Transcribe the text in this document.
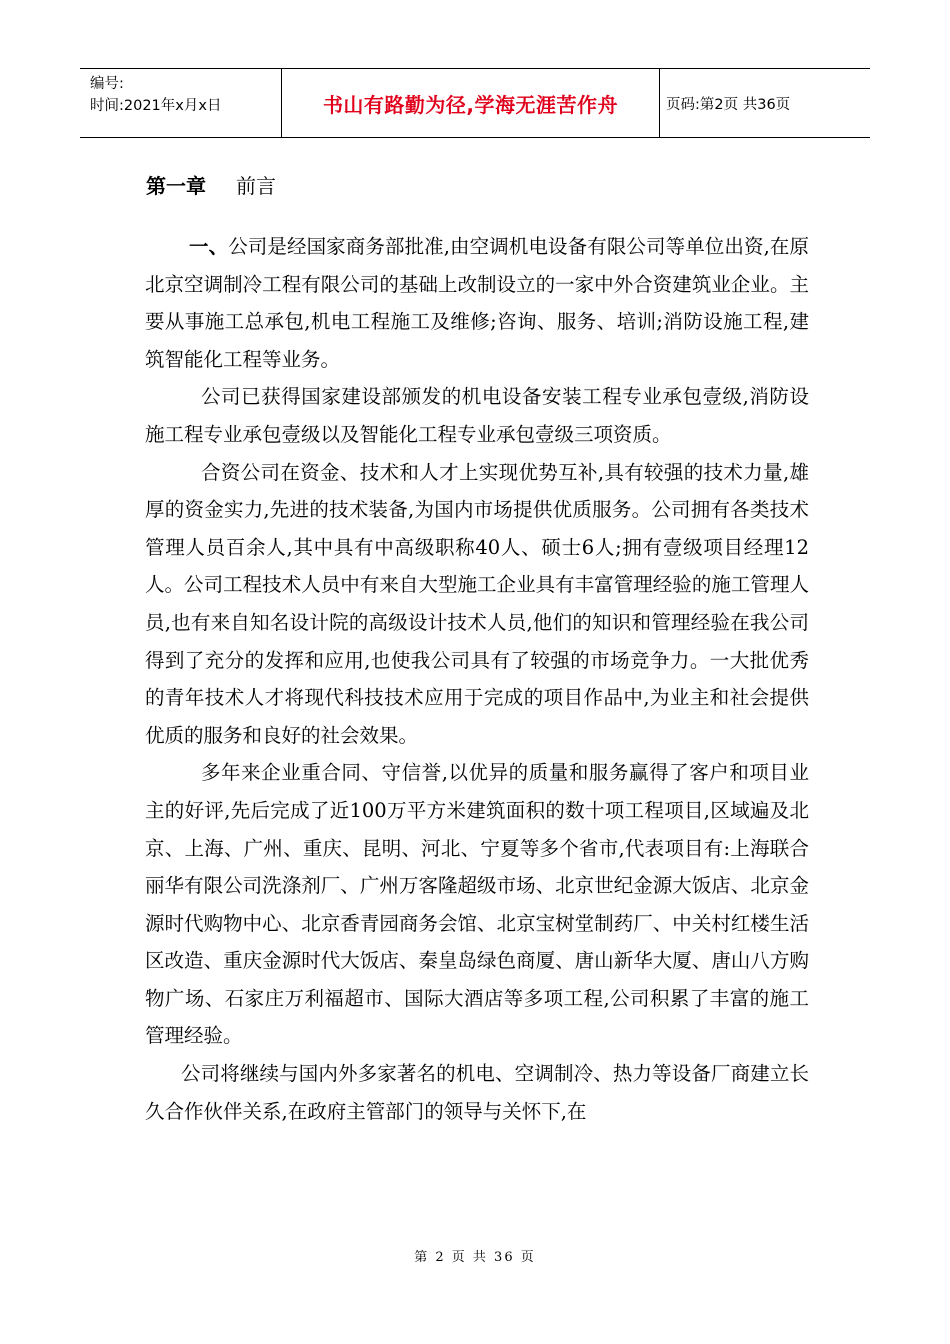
编号:
时间:2021年x月x日	书山有路勤为径,学海无涯苦作舟	页码:第2页 共36页
第一章 前言

一、公司是经国家商务部批准,由空调机电设备有限公司等单位出资,在原北京空调制冷工程有限公司的基础上改制设立的一家中外合资建筑业企业。主要从事施工总承包,机电工程施工及维修;咨询、服务、培训;消防设施工程,建筑智能化工程等业务。

公司已获得国家建设部颁发的机电设备安装工程专业承包壹级,消防设施工程专业承包壹级以及智能化工程专业承包壹级三项资质。

合资公司在资金、技术和人才上实现优势互补,具有较强的技术力量,雄厚的资金实力,先进的技术装备,为国内市场提供优质服务。公司拥有各类技术管理人员百余人,其中具有中高级职称40人、硕士6人;拥有壹级项目经理12人。公司工程技术人员中有来自大型施工企业具有丰富管理经验的施工管理人员,也有来自知名设计院的高级设计技术人员,他们的知识和管理经验在我公司得到了充分的发挥和应用,也使我公司具有了较强的市场竞争力。一大批优秀的青年技术人才将现代科技技术应用于完成的项目作品中,为业主和社会提供优质的服务和良好的社会效果。

多年来企业重合同、守信誉,以优异的质量和服务赢得了客户和项目业主的好评,先后完成了近100万平方米建筑面积的数十项工程项目,区域遍及北京、上海、广州、重庆、昆明、河北、宁夏等多个省市,代表项目有:上海联合丽华有限公司洗涤剂厂、广州万客隆超级市场、北京世纪金源大饭店、北京金源时代购物中心、北京香青园商务会馆、北京宝树堂制药厂、中关村红楼生活区改造、重庆金源时代大饭店、秦皇岛绿色商厦、唐山新华大厦、唐山八方购物广场、石家庄万利福超市、国际大酒店等多项工程,公司积累了丰富的施工管理经验。

公司将继续与国内外多家著名的机电、空调制冷、热力等设备厂商建立长久合作伙伴关系,在政府主管部门的领导与关怀下,在

第 2 页 共 36 页
